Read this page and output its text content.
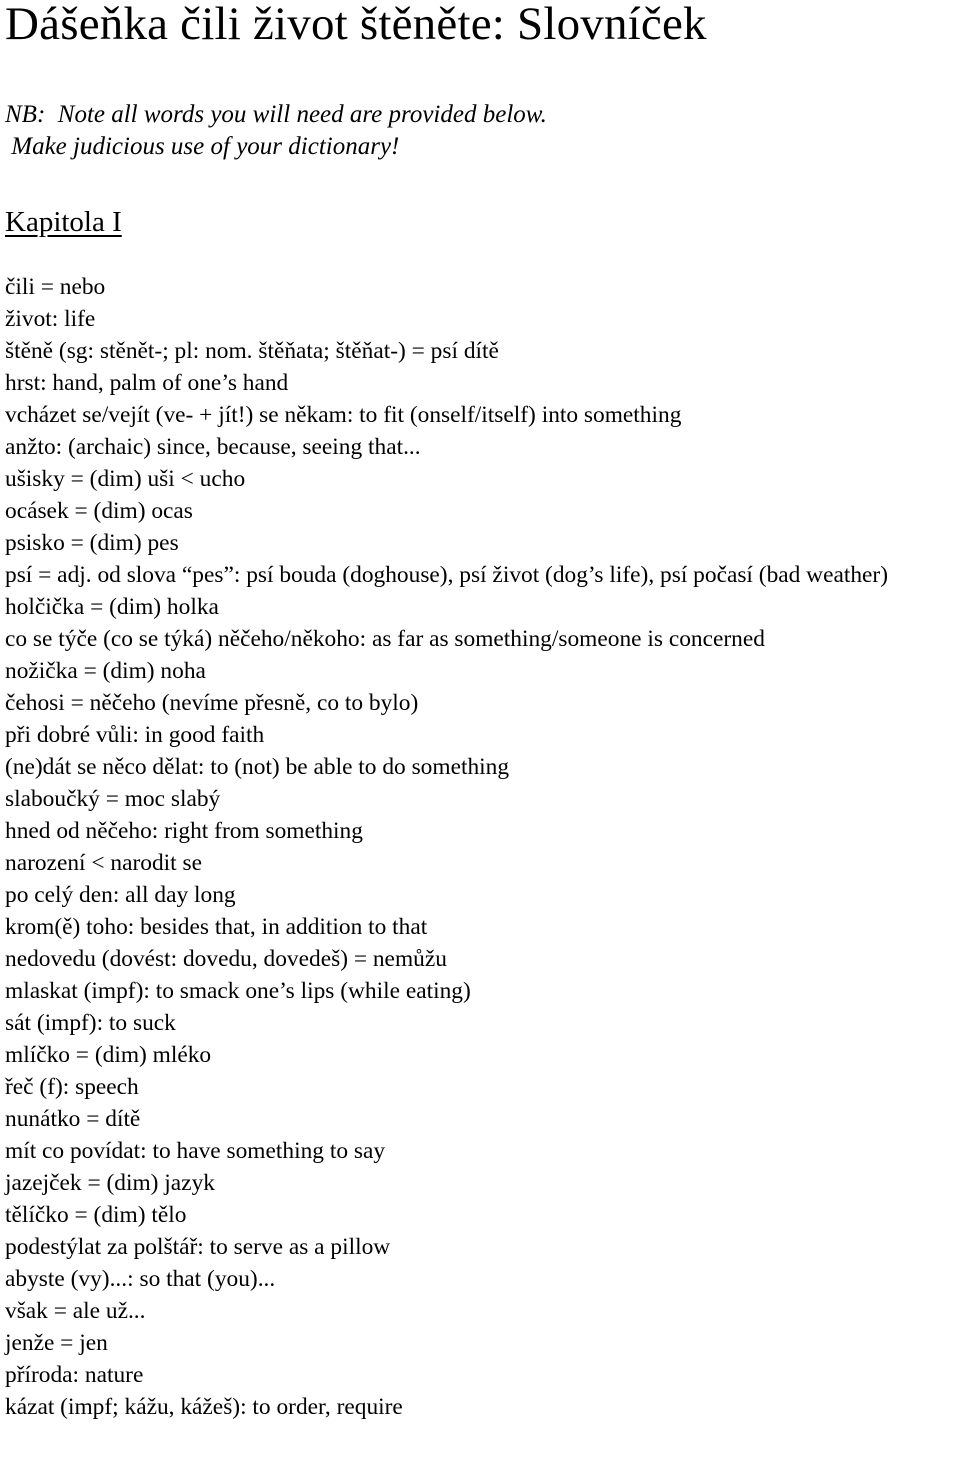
Dášeňka čili život štěněte: Slovníček
NB:  Note all words you will need are provided below.
Make judicious use of your dictionary!
Kapitola I
čili = nebo
život: life
štěně (sg: stěnět-; pl: nom. štěňata; štěňat-) = psí dítě
hrst: hand, palm of one’s hand
vcházet se/vejít (ve- + jít!) se někam: to fit (onself/itself) into something
anžto: (archaic) since, because, seeing that...
ušisky = (dim) uši < ucho
ocásek = (dim) ocas
psisko = (dim) pes
psí = adj. od slova “pes”: psí bouda (doghouse), psí život (dog’s life), psí počasí (bad weather)
holčička = (dim) holka
co se týče (co se týká) něčeho/někoho: as far as something/someone is concerned
nožička = (dim) noha
čehosi = něčeho (nevíme přesně, co to bylo)
při dobré vůli: in good faith
(ne)dát se něco dělat: to (not) be able to do something
slaboučký = moc slabý
hned od něčeho: right from something
narození < narodit se
po celý den: all day long
krom(ě) toho: besides that, in addition to that
nedovedu (dovést: dovedu, dovedeš) = nemůžu
mlaskat (impf): to smack one’s lips (while eating)
sát (impf): to suck
mlíčko = (dim) mléko
řeč (f): speech
nunátko = dítě
mít co povídat: to have something to say
jazejček = (dim) jazyk
tělíčko = (dim) tělo
podestýlat za polštář: to serve as a pillow
abyste (vy)...: so that (you)...
však = ale už...
jenže = jen
příroda: nature
kázat (impf; kážu, kážeš): to order, require
